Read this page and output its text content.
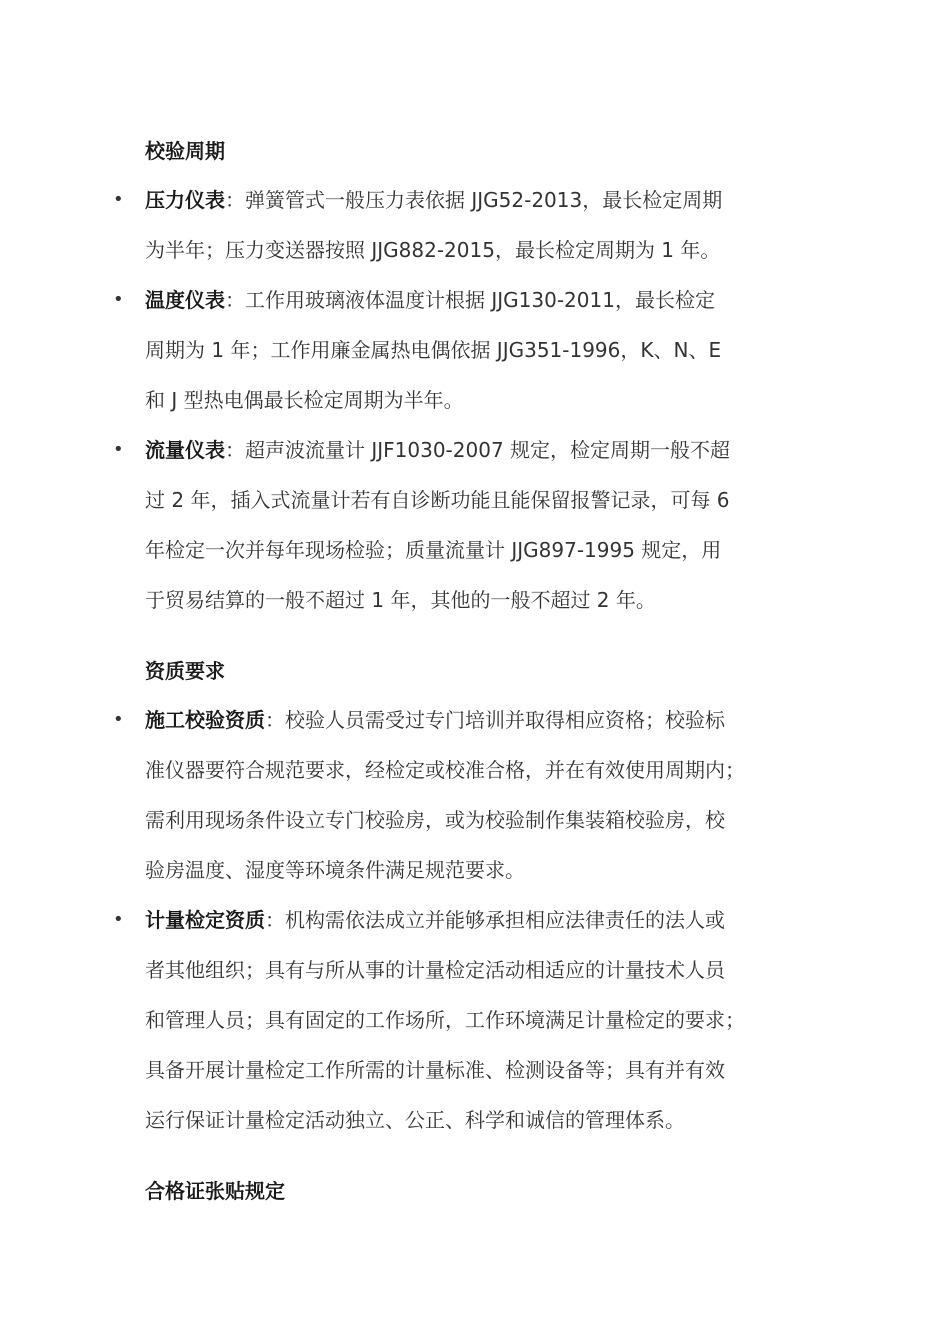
校验周期
• 压力仪表：弹簧管式一般压力表依据 JJG52-2013，最长检定周期
为半年；压力变送器按照 JJG882-2015，最长检定周期为 1 年。
• 温度仪表：工作用玻璃液体温度计根据 JJG130-2011，最长检定
周期为 1 年；工作用廉金属热电偶依据 JJG351-1996，K、N、E
和 J 型热电偶最长检定周期为半年。
• 流量仪表：超声波流量计 JJF1030-2007 规定，检定周期一般不超
过 2 年，插入式流量计若有自诊断功能且能保留报警记录，可每 6
年检定一次并每年现场检验；质量流量计 JJG897-1995 规定，用
于贸易结算的一般不超过 1 年，其他的一般不超过 2 年。
资质要求
• 施工校验资质：校验人员需受过专门培训并取得相应资格；校验标
准仪器要符合规范要求，经检定或校准合格，并在有效使用周期内；
需利用现场条件设立专门校验房，或为校验制作集装箱校验房，校
验房温度、湿度等环境条件满足规范要求。
• 计量检定资质：机构需依法成立并能够承担相应法律责任的法人或
者其他组织；具有与所从事的计量检定活动相适应的计量技术人员
和管理人员；具有固定的工作场所，工作环境满足计量检定的要求；
具备开展计量检定工作所需的计量标准、检测设备等；具有并有效
运行保证计量检定活动独立、公正、科学和诚信的管理体系。
合格证张贴规定
